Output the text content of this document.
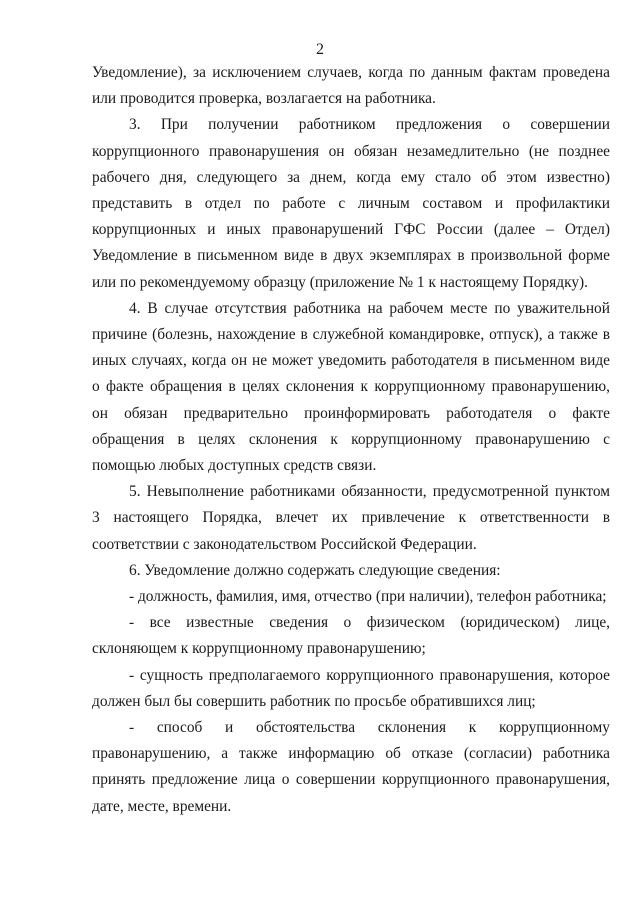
2

Уведомление), за исключением случаев, когда по данным фактам проведена или проводится проверка, возлагается на работника.

3. При получении работником предложения о совершении коррупционного правонарушения он обязан незамедлительно (не позднее рабочего дня, следующего за днем, когда ему стало об этом известно) представить в отдел по работе с личным составом и профилактики коррупционных и иных правонарушений ГФС России (далее – Отдел) Уведомление в письменном виде в двух экземплярах в произвольной форме или по рекомендуемому образцу (приложение № 1 к настоящему Порядку).

4. В случае отсутствия работника на рабочем месте по уважительной причине (болезнь, нахождение в служебной командировке, отпуск), а также в иных случаях, когда он не может уведомить работодателя в письменном виде о факте обращения в целях склонения к коррупционному правонарушению, он обязан предварительно проинформировать работодателя о факте обращения в целях склонения к коррупционному правонарушению с помощью любых доступных средств связи.

5. Невыполнение работниками обязанности, предусмотренной пунктом 3 настоящего Порядка, влечет их привлечение к ответственности в соответствии с законодательством Российской Федерации.

6. Уведомление должно содержать следующие сведения:

- должность, фамилия, имя, отчество (при наличии), телефон работника;

- все известные сведения о физическом (юридическом) лице, склоняющем к коррупционному правонарушению;

- сущность предполагаемого коррупционного правонарушения, которое должен был бы совершить работник по просьбе обратившихся лиц;

- способ и обстоятельства склонения к коррупционному правонарушению, а также информацию об отказе (согласии) работника принять предложение лица о совершении коррупционного правонарушения, дате, месте, времени.
